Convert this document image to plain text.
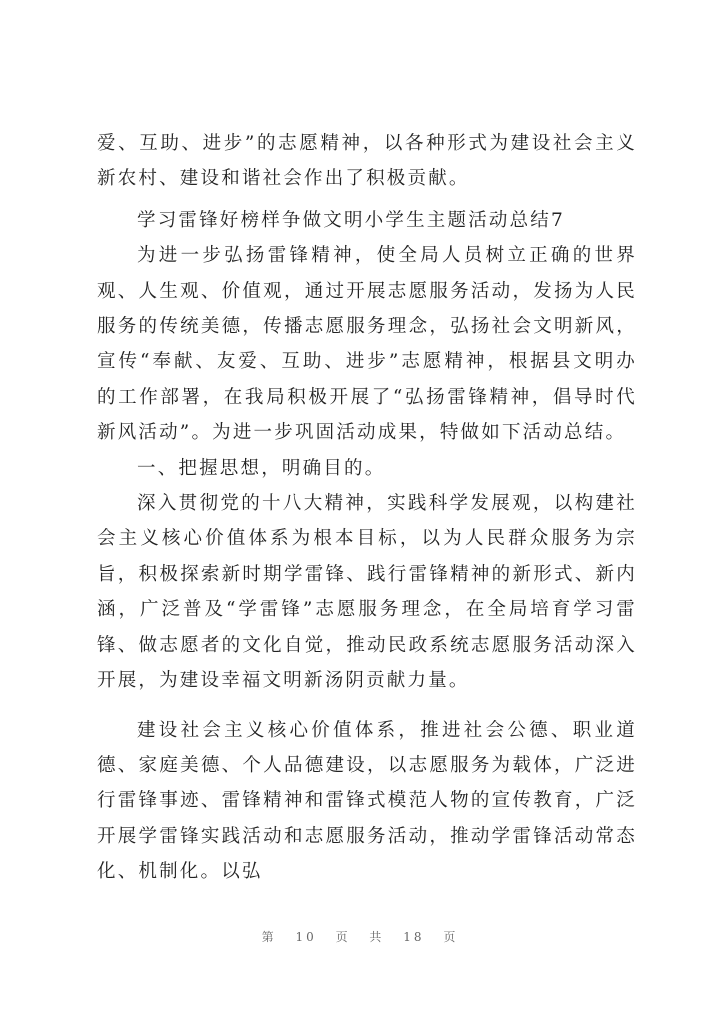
爱、互助、进步”的志愿精神，以各种形式为建设社会主义新农村、建设和谐社会作出了积极贡献。

学习雷锋好榜样争做文明小学生主题活动总结7

为进一步弘扬雷锋精神，使全局人员树立正确的世界观、人生观、价值观，通过开展志愿服务活动，发扬为人民服务的传统美德，传播志愿服务理念，弘扬社会文明新风，宣传“奉献、友爱、互助、进步”志愿精神，根据县文明办的工作部署，在我局积极开展了“弘扬雷锋精神，倡导时代新风活动”。为进一步巩固活动成果，特做如下活动总结。

一、把握思想，明确目的。

深入贯彻党的十八大精神，实践科学发展观，以构建社会主义核心价值体系为根本目标，以为人民群众服务为宗旨，积极探索新时期学雷锋、践行雷锋精神的新形式、新内涵，广泛普及“学雷锋”志愿服务理念，在全局培育学习雷锋、做志愿者的文化自觉，推动民政系统志愿服务活动深入开展，为建设幸福文明新汤阴贡献力量。

建设社会主义核心价值体系，推进社会公德、职业道德、家庭美德、个人品德建设，以志愿服务为载体，广泛进行雷锋事迹、雷锋精神和雷锋式模范人物的宣传教育，广泛开展学雷锋实践活动和志愿服务活动，推动学雷锋活动常态化、机制化。以弘

第 10 页 共 18 页
